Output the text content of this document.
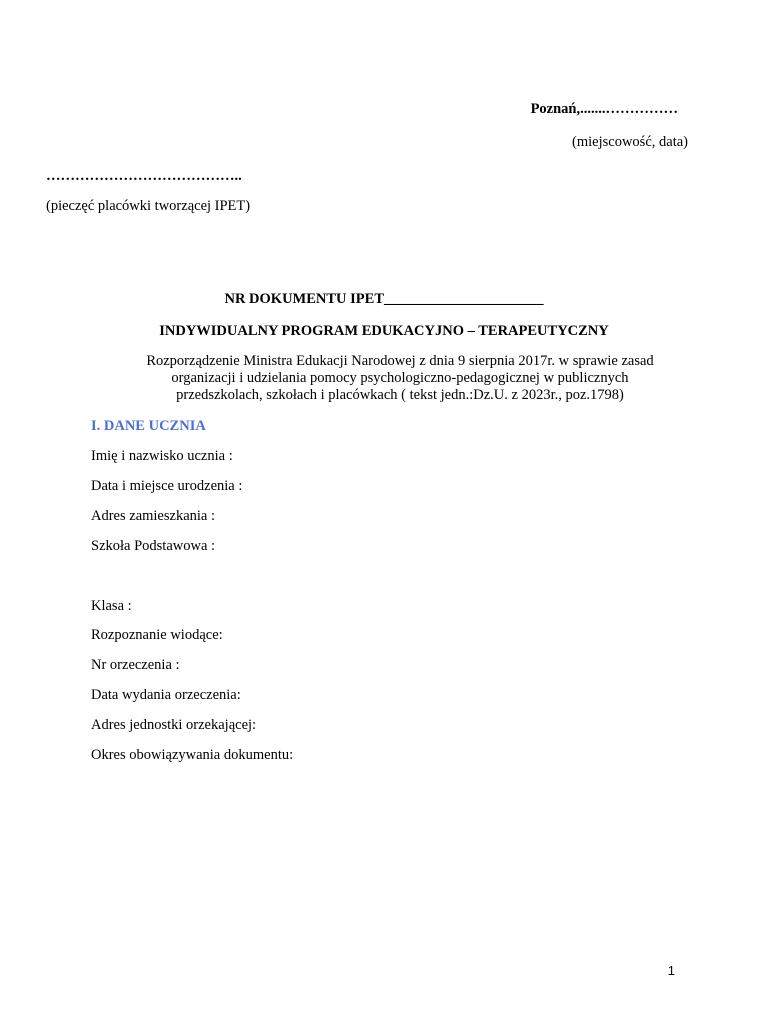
Poznań,.......……………
(miejscowość, data)
…………………………………..
(pieczęć placówki tworzącej IPET)
NR DOKUMENTU IPET______________________
INDYWIDUALNY PROGRAM EDUKACYJNO – TERAPEUTYCZNY
Rozporządzenie Ministra Edukacji Narodowej z dnia 9 sierpnia 2017r. w sprawie zasad
organizacji i udzielania pomocy psychologiczno-pedagogicznej w publicznych
przedszkolach, szkołach i placówkach ( tekst jedn.:Dz.U. z 2023r., poz.1798)
I. DANE UCZNIA
Imię i nazwisko ucznia :
Data i miejsce urodzenia :
Adres zamieszkania :
Szkoła Podstawowa :
Klasa :
Rozpoznanie wiodące:
Nr orzeczenia :
Data wydania orzeczenia:
Adres jednostki orzekającej:
Okres obowiązywania dokumentu:
1
